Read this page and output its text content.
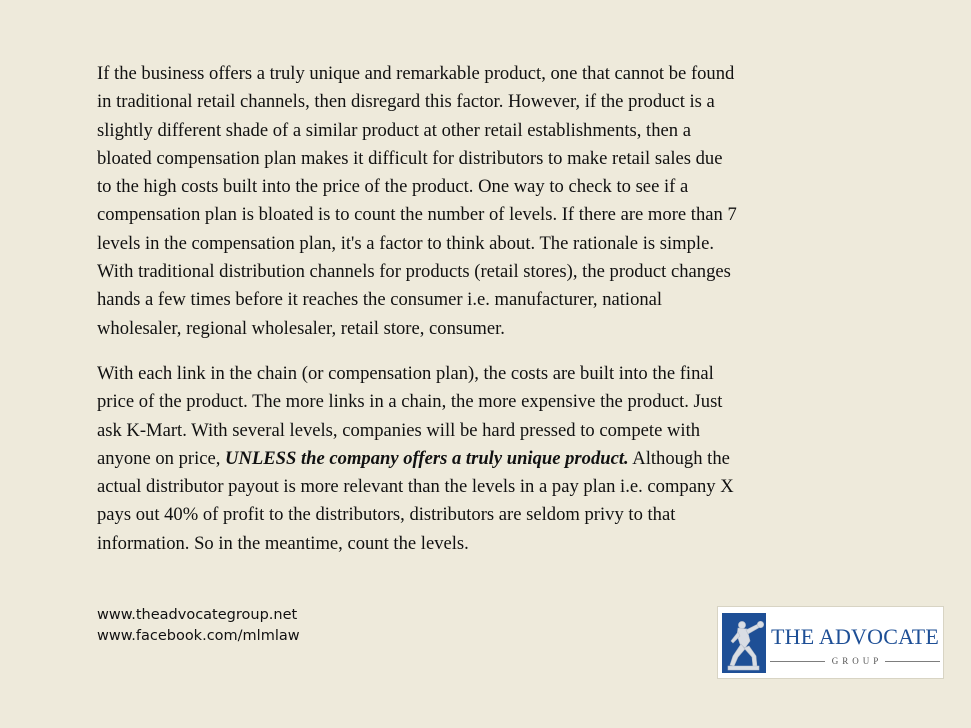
If the business offers a truly unique and remarkable product, one that cannot be found
in traditional retail channels, then disregard this factor. However, if the product is a
slightly different shade of a similar product at other retail establishments, then a
bloated compensation plan makes it difficult for distributors to make retail sales due
to the high costs built into the price of the product. One way to check to see if a
compensation plan is bloated is to count the number of levels. If there are more than 7
levels in the compensation plan, it's a factor to think about. The rationale is simple.
With traditional distribution channels for products (retail stores), the product changes
hands a few times before it reaches the consumer i.e. manufacturer, national
wholesaler, regional wholesaler, retail store, consumer.

With each link in the chain (or compensation plan), the costs are built into the final
price of the product. The more links in a chain, the more expensive the product. Just
ask K-Mart. With several levels, companies will be hard pressed to compete with
anyone on price, UNLESS the company offers a truly unique product. Although the
actual distributor payout is more relevant than the levels in a pay plan i.e. company X
pays out 40% of profit to the distributors, distributors are seldom privy to that
information. So in the meantime, count the levels.

www.theadvocategroup.net
www.facebook.com/mlmlaw	THE ADVOCATE
GROUP
